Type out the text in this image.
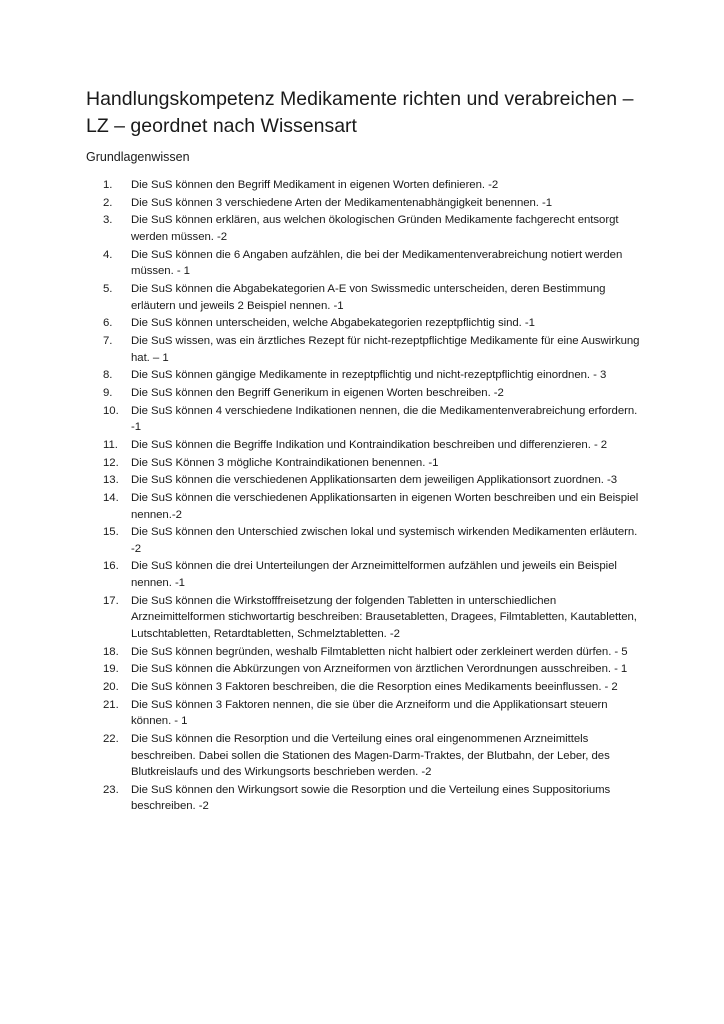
Handlungskompetenz Medikamente richten und verabreichen – LZ – geordnet nach Wissensart
Grundlagenwissen
1.	Die SuS können den Begriff Medikament in eigenen Worten definieren. -2
2.	Die SuS können 3 verschiedene Arten der Medikamentenabhängigkeit benennen. -1
3.	Die SuS können erklären, aus welchen ökologischen Gründen Medikamente fachgerecht entsorgt werden müssen. -2
4.	Die SuS können die 6 Angaben aufzählen, die bei der Medikamentenverabreichung notiert werden müssen. - 1
5.	Die SuS können die Abgabekategorien A-E von Swissmedic unterscheiden, deren Bestimmung erläutern und jeweils 2 Beispiel nennen. -1
6.	Die SuS können unterscheiden, welche Abgabekategorien rezeptpflichtig sind. -1
7.	Die SuS wissen, was ein ärztliches Rezept für nicht-rezeptpflichtige Medikamente für eine Auswirkung hat. – 1
8.	Die SuS können gängige Medikamente in rezeptpflichtig und nicht-rezeptpflichtig einordnen. - 3
9.	Die SuS können den Begriff Generikum in eigenen Worten beschreiben. -2
10.	Die SuS können 4 verschiedene Indikationen nennen, die die Medikamentenverabreichung erfordern. -1
11.	Die SuS können die Begriffe Indikation und Kontraindikation beschreiben und differenzieren. - 2
12.	Die SuS Können 3 mögliche Kontraindikationen benennen. -1
13.	Die SuS können die verschiedenen Applikationsarten dem jeweiligen Applikationsort zuordnen. -3
14.	Die SuS können die verschiedenen Applikationsarten in eigenen Worten beschreiben und ein Beispiel nennen.-2
15.	Die SuS können den Unterschied zwischen lokal und systemisch wirkenden Medikamenten erläutern. -2
16.	Die SuS können die drei Unterteilungen der Arzneimittelformen aufzählen und jeweils ein Beispiel nennen. -1
17.	Die SuS können die Wirkstofffreisetzung der folgenden Tabletten in unterschiedlichen Arzneimittelformen stichwortartig beschreiben: Brausetabletten, Dragees, Filmtabletten, Kautabletten, Lutschtabletten, Retardtabletten, Schmelztabletten. -2
18.	Die SuS können begründen, weshalb Filmtabletten nicht halbiert oder zerkleinert werden dürfen. - 5
19.	Die SuS können die Abkürzungen von Arzneiformen von ärztlichen Verordnungen ausschreiben. - 1
20.	Die SuS können 3 Faktoren beschreiben, die die Resorption eines Medikaments beeinflussen. - 2
21.	Die SuS können 3 Faktoren nennen, die sie über die Arzneiform und die Applikationsart steuern können. - 1
22.	Die SuS können die Resorption und die Verteilung eines oral eingenommenen Arzneimittels beschreiben. Dabei sollen die Stationen des Magen-Darm-Traktes, der Blutbahn, der Leber, des Blutkreislaufs und des Wirkungsorts beschrieben werden. -2
23.	Die SuS können den Wirkungsort sowie die Resorption und die Verteilung eines Suppositoriums beschreiben. -2
